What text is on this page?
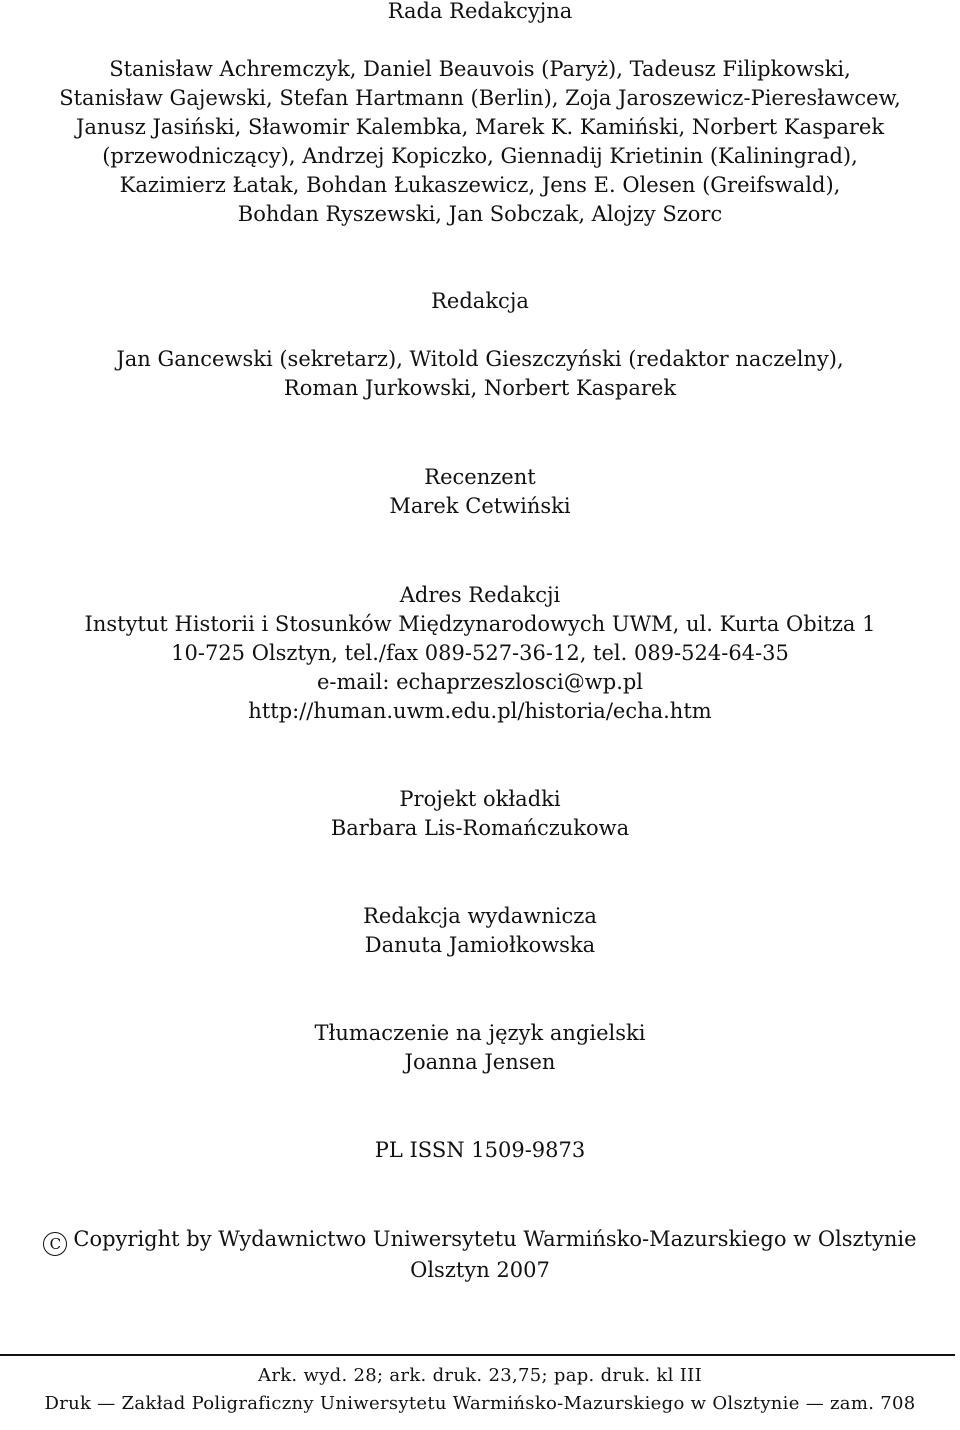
Rada Redakcyjna
Stanisław Achremczyk, Daniel Beauvois (Paryż), Tadeusz Filipkowski,
Stanisław Gajewski, Stefan Hartmann (Berlin), Zoja Jaroszewicz-Pieresławcew,
Janusz Jasiński, Sławomir Kalembka, Marek K. Kamiński, Norbert Kasparek
(przewodniczący), Andrzej Kopiczko, Giennadij Krietinin (Kaliningrad),
Kazimierz Łatak, Bohdan Łukaszewicz, Jens E. Olesen (Greifswald),
Bohdan Ryszewski, Jan Sobczak, Alojzy Szorc
Redakcja
Jan Gancewski (sekretarz), Witold Gieszczyński (redaktor naczelny),
Roman Jurkowski, Norbert Kasparek
Recenzent
Marek Cetwiński
Adres Redakcji
Instytut Historii i Stosunków Międzynarodowych UWM, ul. Kurta Obitza 1
10-725 Olsztyn, tel./fax 089-527-36-12, tel. 089-524-64-35
e-mail: echaprzeszlosci@wp.pl
http://human.uwm.edu.pl/historia/echa.htm
Projekt okładki
Barbara Lis-Romańczukowa
Redakcja wydawnicza
Danuta Jamiołkowska
Tłumaczenie na język angielski
Joanna Jensen
PL ISSN 1509-9873
C Copyright by Wydawnictwo Uniwersytetu Warmińsko-Mazurskiego w Olsztynie
Olsztyn 2007
Ark. wyd. 28; ark. druk. 23,75; pap. druk. kl III
Druk — Zakład Poligraficzny Uniwersytetu Warmińsko-Mazurskiego w Olsztynie — zam. 708
